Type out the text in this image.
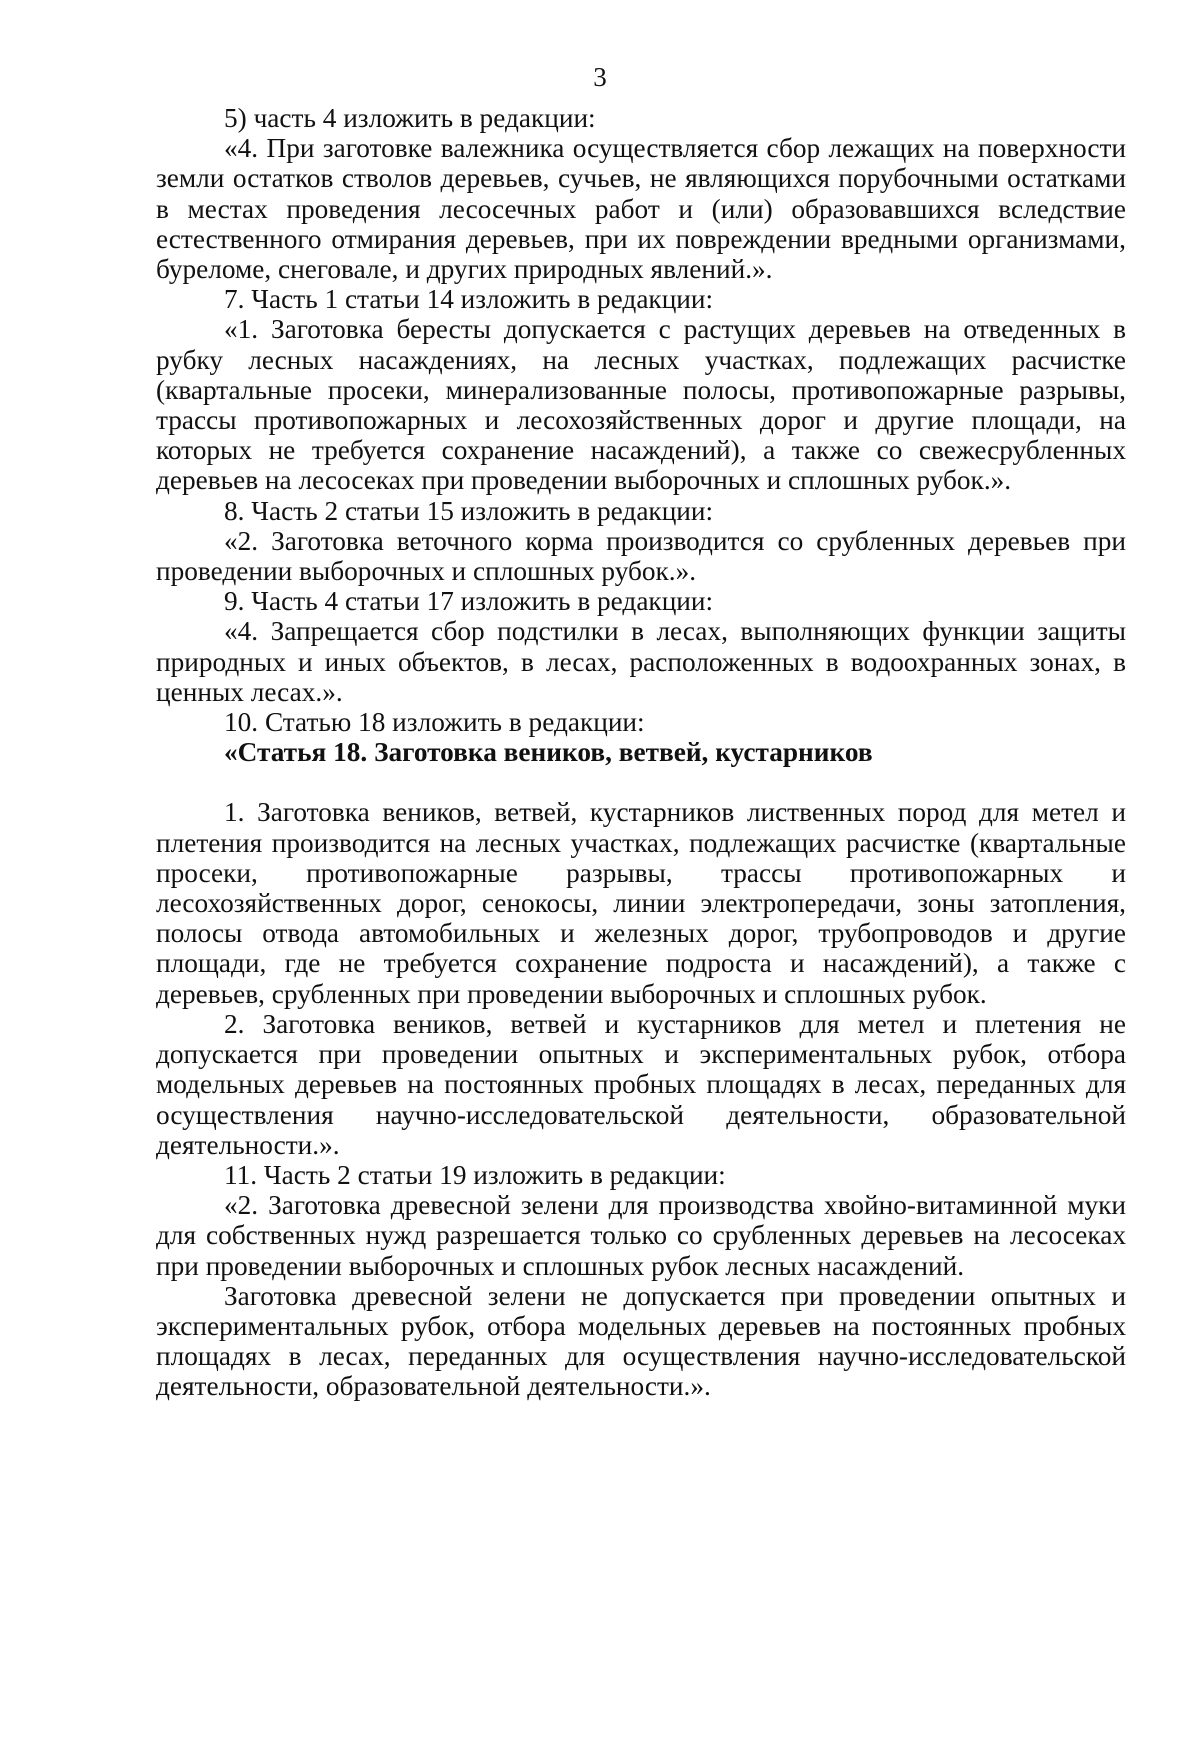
3

5) часть 4 изложить в редакции:

«4. При заготовке валежника осуществляется сбор лежащих на поверхности земли остатков стволов деревьев, сучьев, не являющихся порубочными остатками в местах проведения лесосечных работ и (или) образовавшихся вследствие естественного отмирания деревьев, при их повреждении вредными организмами, буреломе, снеговале, и других природных явлений.».

7. Часть 1 статьи 14 изложить в редакции:

«1. Заготовка бересты допускается с растущих деревьев на отведенных в рубку лесных насаждениях, на лесных участках, подлежащих расчистке (квартальные просеки, минерализованные полосы, противопожарные разрывы, трассы противопожарных и лесохозяйственных дорог и другие площади, на которых не требуется сохранение насаждений), а также со свежесрубленных деревьев на лесосеках при проведении выборочных и сплошных рубок.».

8. Часть 2 статьи 15 изложить в редакции:

«2. Заготовка веточного корма производится со срубленных деревьев при проведении выборочных и сплошных рубок.».

9. Часть 4 статьи 17 изложить в редакции:

«4. Запрещается сбор подстилки в лесах, выполняющих функции защиты природных и иных объектов, в лесах, расположенных в водоохранных зонах, в ценных лесах.».

10. Статью 18 изложить в редакции:

«Статья 18. Заготовка веников, ветвей, кустарников

1. Заготовка веников, ветвей, кустарников лиственных пород для метел и плетения производится на лесных участках, подлежащих расчистке (квартальные просеки, противопожарные разрывы, трассы противопожарных и лесохозяйственных дорог, сенокосы, линии электропередачи, зоны затопления, полосы отвода автомобильных и железных дорог, трубопроводов и другие площади, где не требуется сохранение подроста и насаждений), а также с деревьев, срубленных при проведении выборочных и сплошных рубок.

2. Заготовка веников, ветвей и кустарников для метел и плетения не допускается при проведении опытных и экспериментальных рубок, отбора модельных деревьев на постоянных пробных площадях в лесах, переданных для осуществления научно-исследовательской деятельности, образовательной деятельности.».

11. Часть 2 статьи 19 изложить в редакции:

«2. Заготовка древесной зелени для производства хвойно-витаминной муки для собственных нужд разрешается только со срубленных деревьев на лесосеках при проведении выборочных и сплошных рубок лесных насаждений.

Заготовка древесной зелени не допускается при проведении опытных и экспериментальных рубок, отбора модельных деревьев на постоянных пробных площадях в лесах, переданных для осуществления научно-исследовательской деятельности, образовательной деятельности.».
